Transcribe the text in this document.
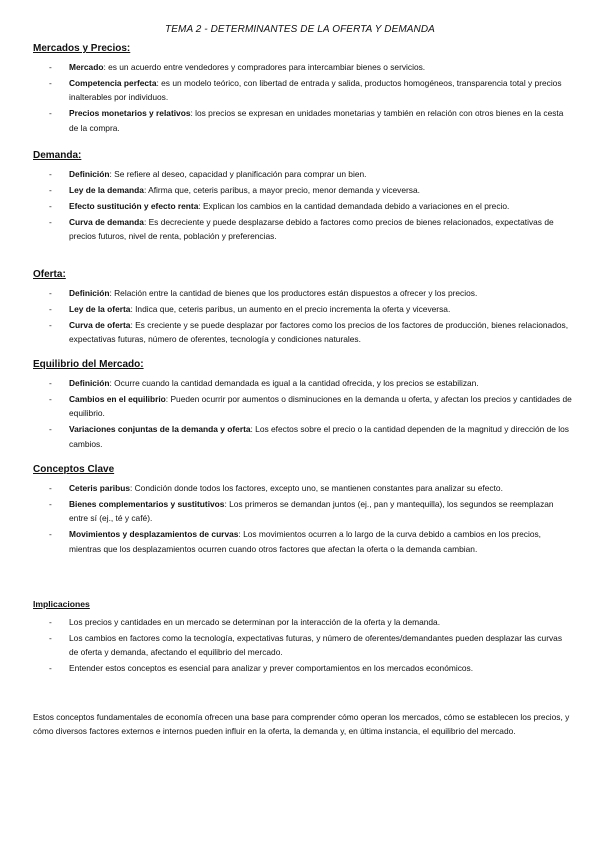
TEMA 2 - DETERMINANTES DE LA OFERTA Y DEMANDA
Mercados y Precios:
- Mercado: es un acuerdo entre vendedores y compradores para intercambiar bienes o servicios.
- Competencia perfecta: es un modelo teórico, con libertad de entrada y salida, productos homogéneos, transparencia total y precios inalterables por individuos.
- Precios monetarios y relativos: los precios se expresan en unidades monetarias y también en relación con otros bienes en la cesta de la compra.
Demanda:
- Definición: Se refiere al deseo, capacidad y planificación para comprar un bien.
- Ley de la demanda: Afirma que, ceteris paribus, a mayor precio, menor demanda y viceversa.
- Efecto sustitución y efecto renta: Explican los cambios en la cantidad demandada debido a variaciones en el precio.
- Curva de demanda: Es decreciente y puede desplazarse debido a factores como precios de bienes relacionados, expectativas de precios futuros, nivel de renta, población y preferencias.
Oferta:
- Definición: Relación entre la cantidad de bienes que los productores están dispuestos a ofrecer y los precios.
- Ley de la oferta: Indica que, ceteris paribus, un aumento en el precio incrementa la oferta y viceversa.
- Curva de oferta: Es creciente y se puede desplazar por factores como los precios de los factores de producción, bienes relacionados, expectativas futuras, número de oferentes, tecnología y condiciones naturales.
Equilibrio del Mercado:
- Definición: Ocurre cuando la cantidad demandada es igual a la cantidad ofrecida, y los precios se estabilizan.
- Cambios en el equilibrio: Pueden ocurrir por aumentos o disminuciones en la demanda u oferta, y afectan los precios y cantidades de equilibrio.
- Variaciones conjuntas de la demanda y oferta: Los efectos sobre el precio o la cantidad dependen de la magnitud y dirección de los cambios.
Conceptos Clave
- Ceteris paribus: Condición donde todos los factores, excepto uno, se mantienen constantes para analizar su efecto.
- Bienes complementarios y sustitutivos: Los primeros se demandan juntos (ej., pan y mantequilla), los segundos se reemplazan entre sí (ej., té y café).
- Movimientos y desplazamientos de curvas: Los movimientos ocurren a lo largo de la curva debido a cambios en los precios, mientras que los desplazamientos ocurren cuando otros factores que afectan la oferta o la demanda cambian.
Implicaciones
- Los precios y cantidades en un mercado se determinan por la interacción de la oferta y la demanda.
- Los cambios en factores como la tecnología, expectativas futuras, y número de oferentes/demandantes pueden desplazar las curvas de oferta y demanda, afectando el equilibrio del mercado.
- Entender estos conceptos es esencial para analizar y prever comportamientos en los mercados económicos.
Estos conceptos fundamentales de economía ofrecen una base para comprender cómo operan los mercados, cómo se establecen los precios, y cómo diversos factores externos e internos pueden influir en la oferta, la demanda y, en última instancia, el equilibrio del mercado.
